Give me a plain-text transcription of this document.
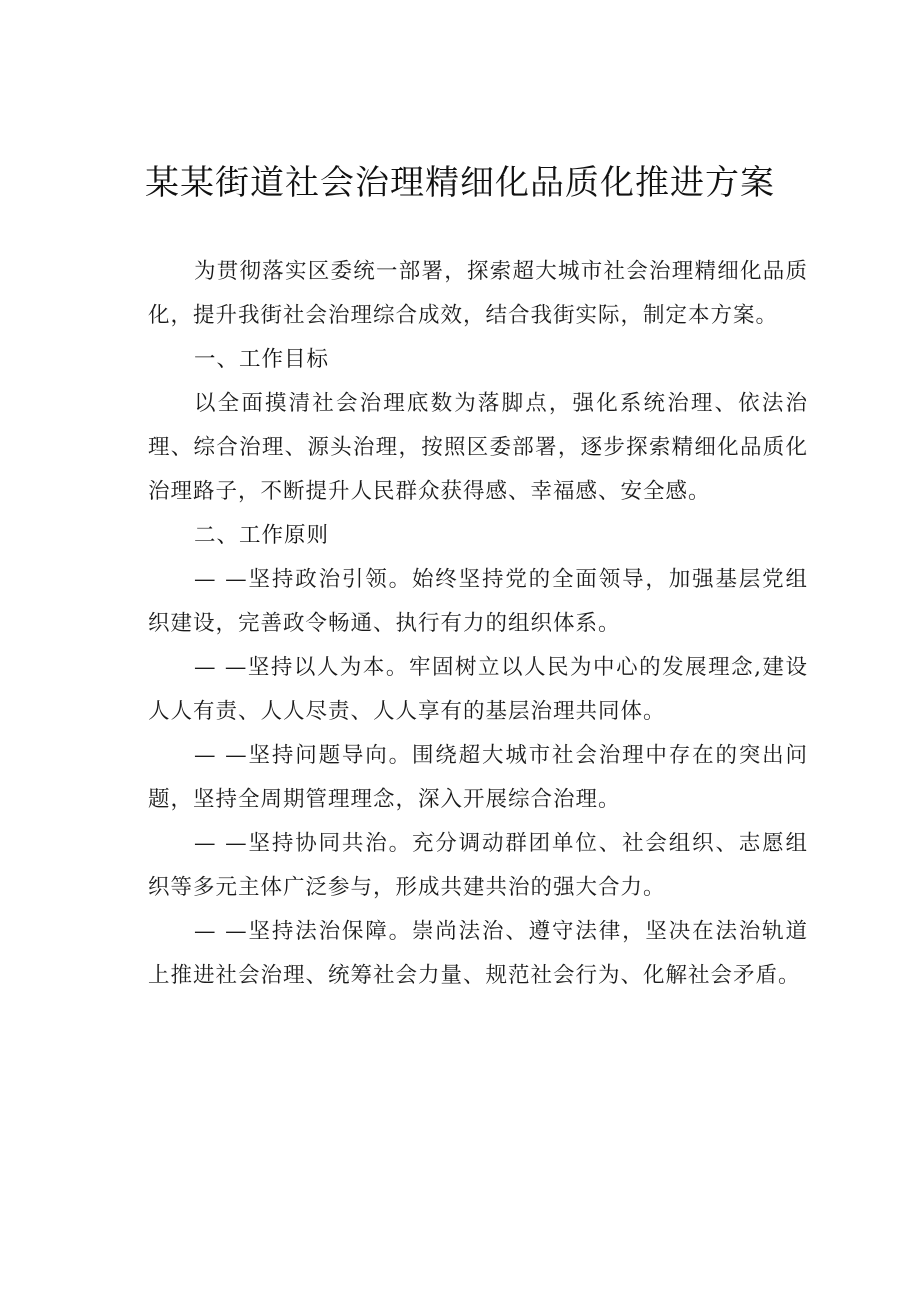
某某街道社会治理精细化品质化推进方案

为贯彻落实区委统一部署，探索超大城市社会治理精细化品质化，提升我街社会治理综合成效，结合我街实际，制定本方案。

一、工作目标

以全面摸清社会治理底数为落脚点，强化系统治理、依法治理、综合治理、源头治理，按照区委部署，逐步探索精细化品质化治理路子，不断提升人民群众获得感、幸福感、安全感。

二、工作原则

— —坚持政治引领。始终坚持党的全面领导，加强基层党组织建设，完善政令畅通、执行有力的组织体系。

— —坚持以人为本。牢固树立以人民为中心的发展理念,建设人人有责、人人尽责、人人享有的基层治理共同体。

— —坚持问题导向。围绕超大城市社会治理中存在的突出问题，坚持全周期管理理念，深入开展综合治理。

— —坚持协同共治。充分调动群团单位、社会组织、志愿组织等多元主体广泛参与，形成共建共治的强大合力。

— —坚持法治保障。崇尚法治、遵守法律，坚决在法治轨道上推进社会治理、统筹社会力量、规范社会行为、化解社会矛盾。
